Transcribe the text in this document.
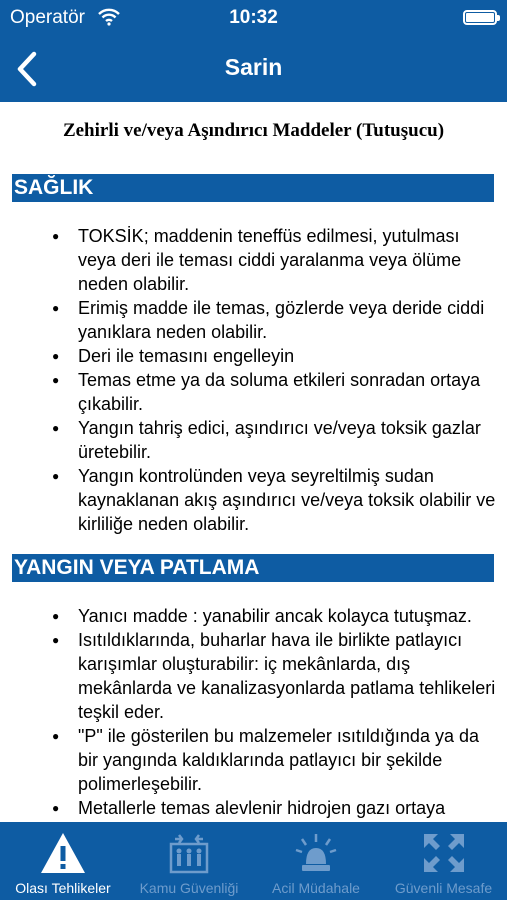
Operatör	10:32
Sarin
Zehirli ve/veya Aşındırıcı Maddeler (Tutuşucu)
SAĞLIK
● TOKSİK; maddenin teneffüs edilmesi, yutulması veya deri ile teması ciddi yaralanma veya ölüme neden olabilir.
● Erimiş madde ile temas, gözlerde veya deride ciddi yanıklara neden olabilir.
● Deri ile temasını engelleyin
● Temas etme ya da soluma etkileri sonradan ortaya çıkabilir.
● Yangın tahriş edici, aşındırıcı ve/veya toksik gazlar üretebilir.
● Yangın kontrolünden veya seyreltilmiş sudan kaynaklanan akış aşındırıcı ve/veya toksik olabilir ve kirliliğe neden olabilir.
YANGIN VEYA PATLAMA
● Yanıcı madde : yanabilir ancak kolayca tutuşmaz.
● Isıtıldıklarında, buharlar hava ile birlikte patlayıcı karışımlar oluşturabilir: iç mekânlarda, dış mekânlarda ve kanalizasyonlarda patlama tehlikeleri teşkil eder.
● "P" ile gösterilen bu malzemeler ısıtıldığında ya da bir yangında kaldıklarında patlayıcı bir şekilde polimerleşebilir.
● Metallerle temas alevlenir hidrojen gazı ortaya
Olası Tehlikeler	Kamu Güvenliği	Acil Müdahale	Güvenli Mesafe
